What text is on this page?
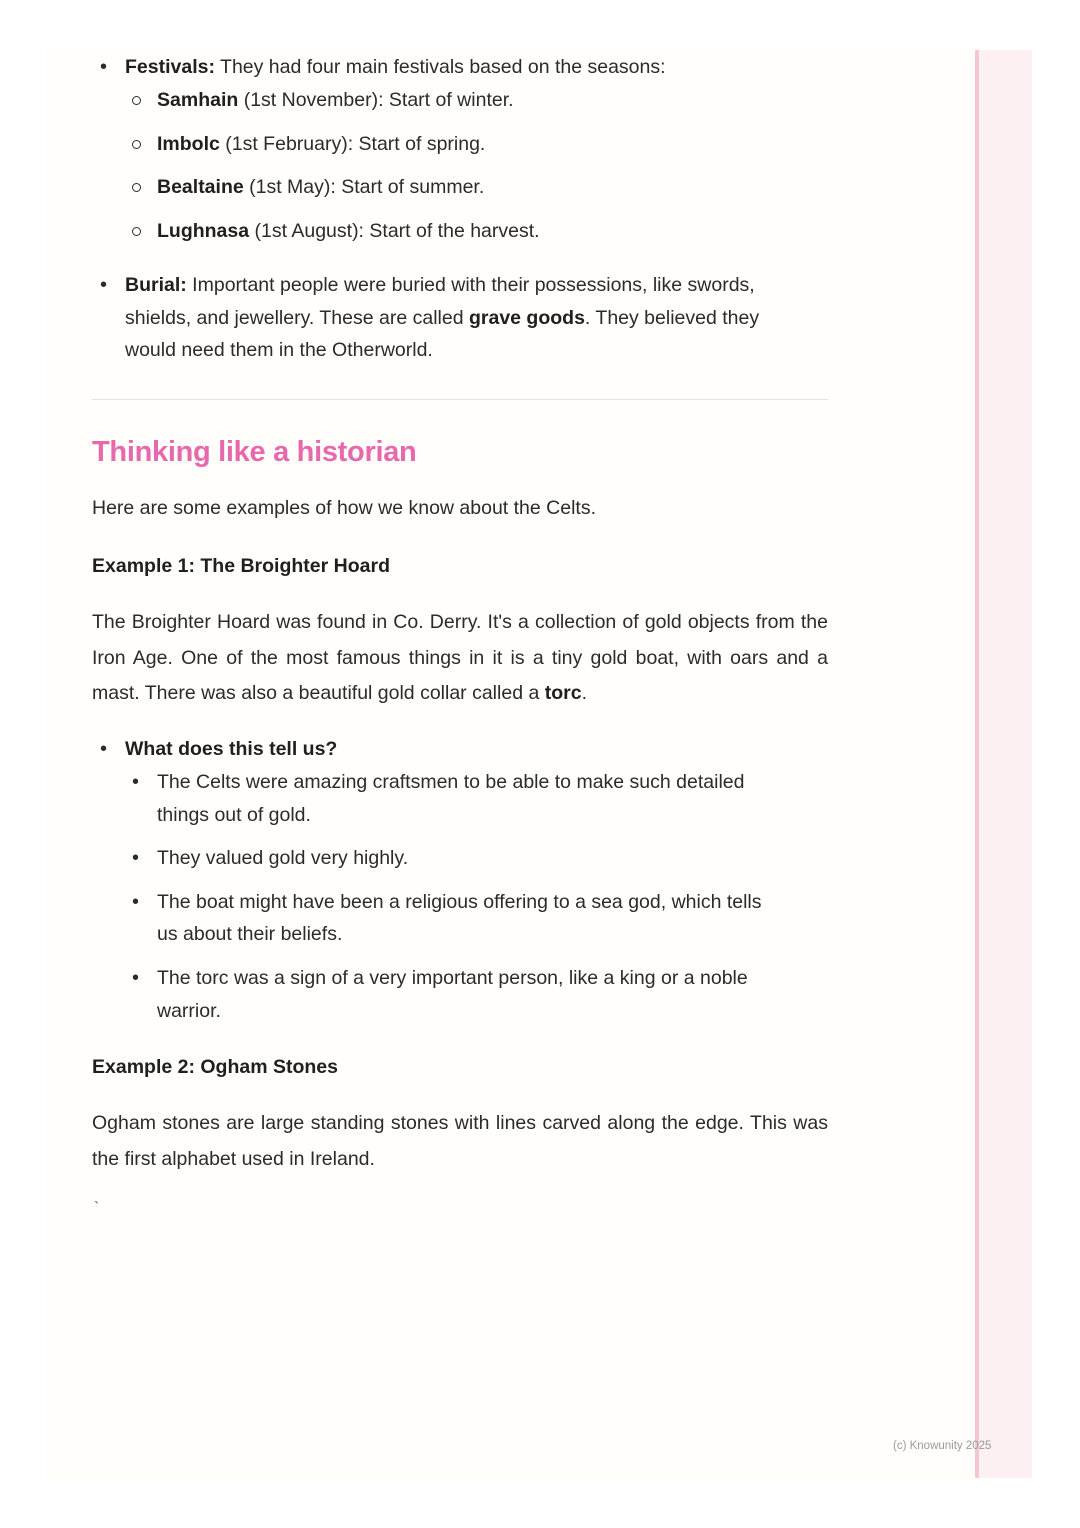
• Festivals: They had four main festivals based on the seasons:
Samhain (1st November): Start of winter.
Imbolc (1st February): Start of spring.
Bealtaine (1st May): Start of summer.
Lughnasa (1st August): Start of the harvest.
• Burial: Important people were buried with their possessions, like swords,
shields, and jewellery. These are called grave goods. They believed they
would need them in the Otherworld.
Thinking like a historian
Here are some examples of how we know about the Celts.
Example 1: The Broighter Hoard
The Broighter Hoard was found in Co. Derry. It's a collection of gold objects from the Iron Age. One of the most famous things in it is a tiny gold boat, with oars and a mast. There was also a beautiful gold collar called a torc.
• What does this tell us?
• The Celts were amazing craftsmen to be able to make such detailed
things out of gold.
• They valued gold very highly.
• The boat might have been a religious offering to a sea god, which tells
us about their beliefs.
• The torc was a sign of a very important person, like a king or a noble
warrior.
Example 2: Ogham Stones
Ogham stones are large standing stones with lines carved along the edge. This was the first alphabet used in Ireland.
`
(c) Knowunity 2025
